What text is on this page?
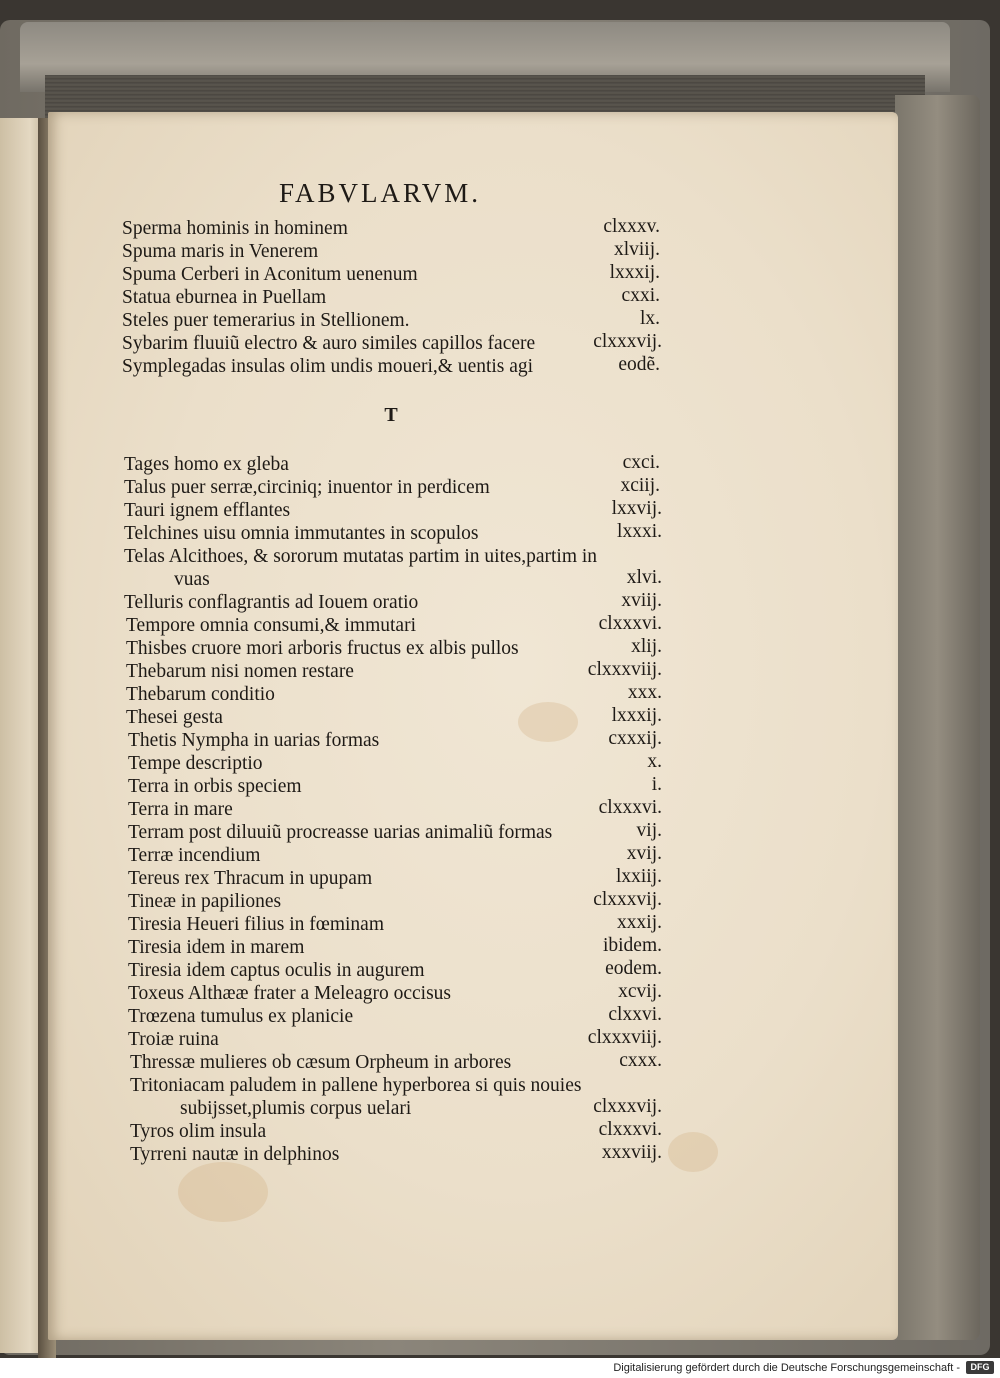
FABVLARVM.
T
Sperma hominis in hominem	clxxxv.
Spuma maris in Venerem	xlviij.
Spuma Cerberi in Aconitum uenenum	lxxxij.
Statua eburnea in Puellam	cxxi.
Steles puer temerarius in Stellionem.	lx.
Sybarim fluuiũ electro & auro similes capillos facere	clxxxvij.
Symplegadas insulas olim undis moueri,& uentis agi	eodẽ.
Tages homo ex gleba	cxci.
Talus puer serræ,circiniq; inuentor in perdicem	xciij.
Tauri ignem efflantes	lxxvij.
Telchines uisu omnia immutantes in scopulos	lxxxi.
Telas Alcithoes, & sororum mutatas partim in uites,partim in
vuas	xlvi.
Telluris conflagrantis ad Iouem oratio	xviij.
Tempore omnia consumi,& immutari	clxxxvi.
Thisbes cruore mori arboris fructus ex albis pullos	xlij.
Thebarum nisi nomen restare	clxxxviij.
Thebarum conditio	xxx.
Thesei gesta	lxxxij.
Thetis Nympha in uarias formas	cxxxij.
Tempe descriptio	x.
Terra in orbis speciem	i.
Terra in mare	clxxxvi.
Terram post diluuiũ procreasse uarias animaliũ formas	vij.
Terræ incendium	xvij.
Tereus rex Thracum in upupam	lxxiij.
Tineæ in papiliones	clxxxvij.
Tiresia Heueri filius in fœminam	xxxij.
Tiresia idem in marem	ibidem.
Tiresia idem captus oculis in augurem	eodem.
Toxeus Althææ frater a Meleagro occisus	xcvij.
Trœzena tumulus ex planicie	clxxvi.
Troiæ ruina	clxxxviij.
Thressæ mulieres ob cæsum Orpheum in arbores	cxxx.
Tritoniacam paludem in pallene hyperborea si quis nouies
subijsset,plumis corpus uelari	clxxxvij.
Tyros olim insula	clxxxvi.
Tyrreni nautæ in delphinos	xxxviij.
Digitalisierung gefördert durch die Deutsche Forschungsgemeinschaft -	DFG
